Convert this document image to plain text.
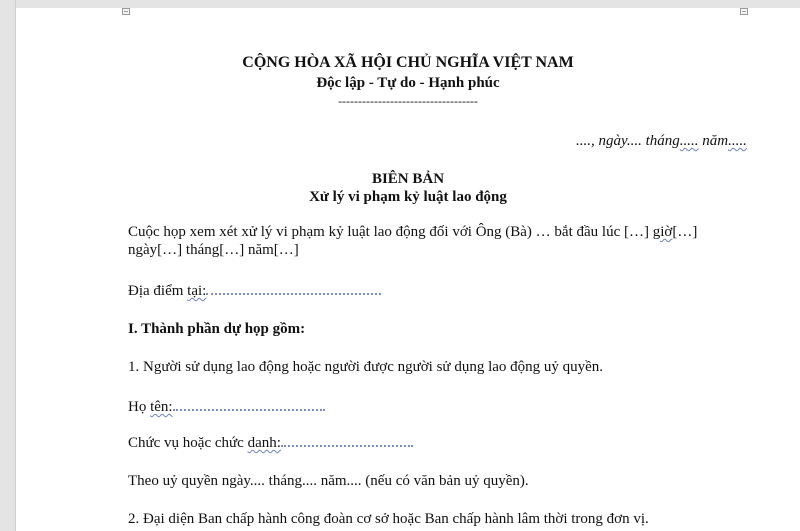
CỘNG HÒA XÃ HỘI CHỦ NGHĨA VIỆT NAM
Độc lập - Tự do - Hạnh phúc
-----------------------------------
...., ngày.... tháng..... năm.....
BIÊN BẢN
Xử lý vi phạm kỷ luật lao động
Cuộc họp xem xét xử lý vi phạm kỷ luật lao động đối với Ông (Bà) … bắt đầu lúc […] giờ[…]
ngày[…] tháng[…] năm[…]
Địa điểm tại:
I. Thành phần dự họp gồm:
1. Người sử dụng lao động hoặc người được người sử dụng lao động uỷ quyền.
Họ tên:
Chức vụ hoặc chức danh:
Theo uỷ quyền ngày.... tháng.... năm.... (nếu có văn bản uỷ quyền).
2. Đại diện Ban chấp hành công đoàn cơ sở hoặc Ban chấp hành lâm thời trong đơn vị.
